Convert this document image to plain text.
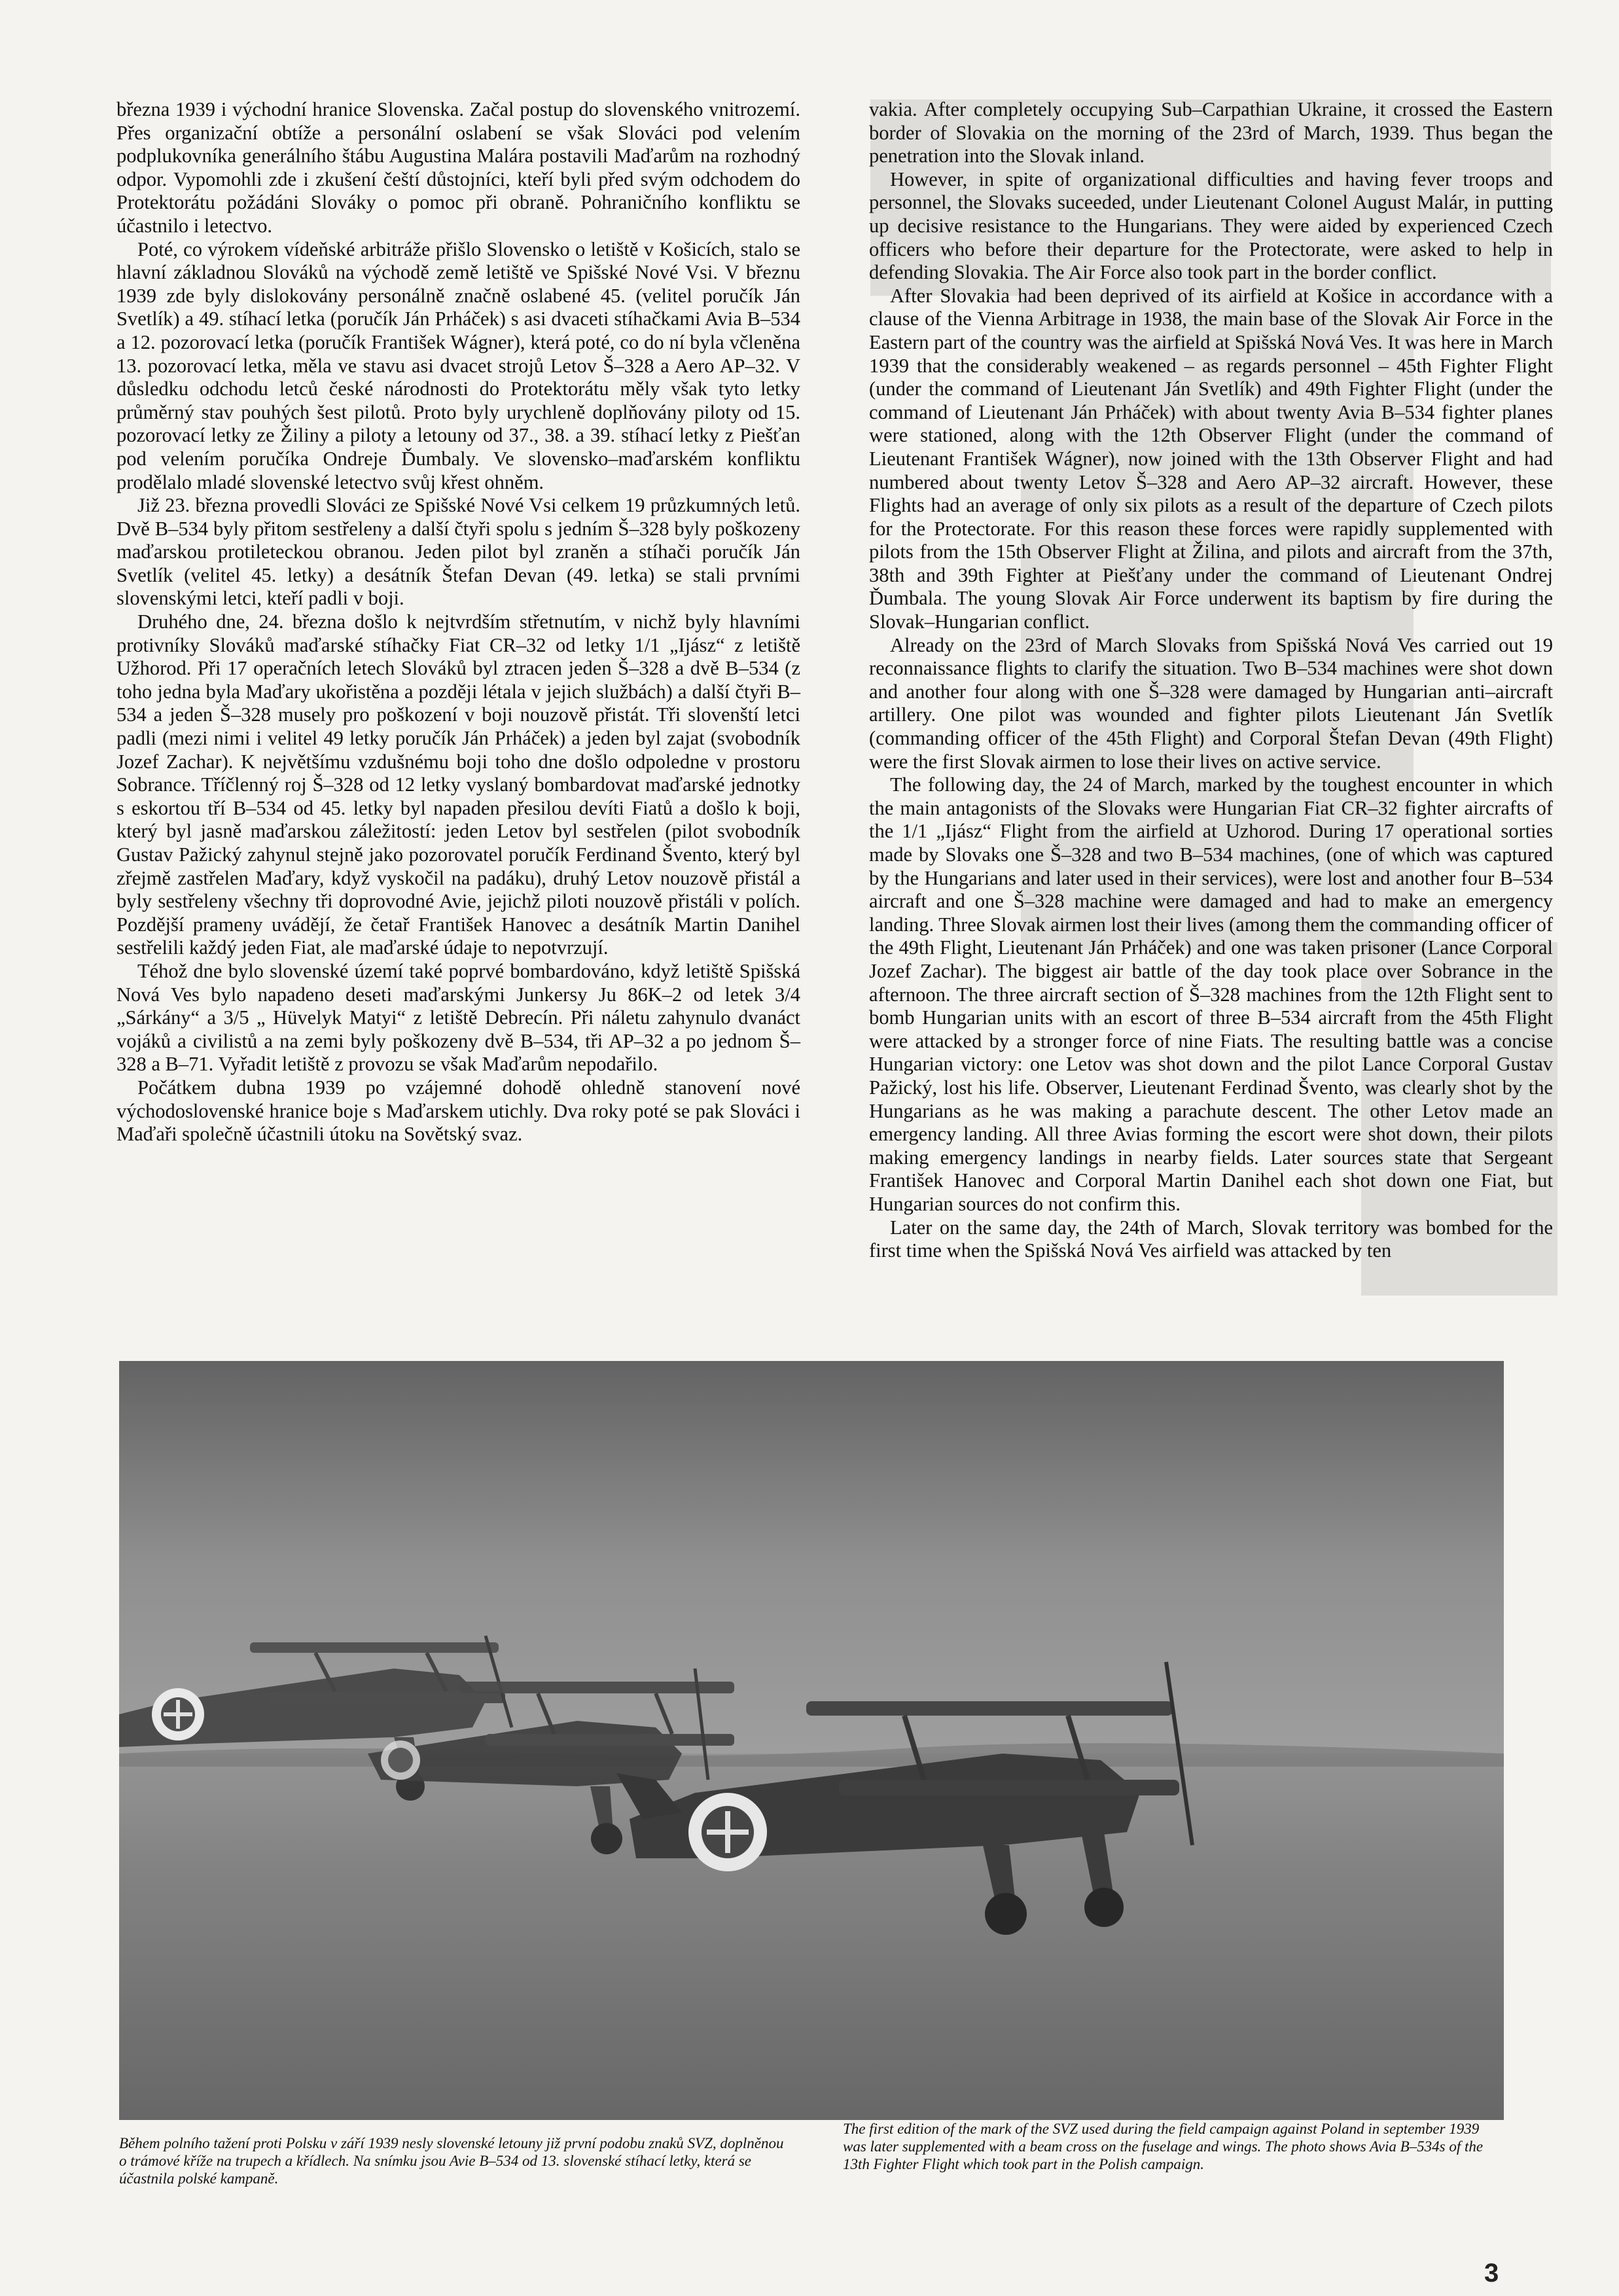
března 1939 i východní hranice Slovenska. Začal postup do slovenského vnitrozemí. Přes organizační obtíže a personální oslabení se však Slováci pod velením podplukovníka generálního štábu Augustina Malára postavili Maďarům na rozhodný odpor. Vypomohli zde i zkušení čeští důstojníci, kteří byli před svým odchodem do Protektorátu požádáni Slováky o pomoc při obraně. Pohraničního konfliktu se účastnilo i letectvo.

Poté, co výrokem vídeňské arbitráže přišlo Slovensko o letiště v Košicích, stalo se hlavní základnou Slováků na východě země letiště ve Spišské Nové Vsi. V březnu 1939 zde byly dislokovány personálně značně oslabené 45. (velitel poručík Ján Svetlík) a 49. stíhací letka (poručík Ján Prháček) s asi dvaceti stíhačkami Avia B–534 a 12. pozorovací letka (poručík František Wágner), která poté, co do ní byla včleněna 13. pozorovací letka, měla ve stavu asi dvacet strojů Letov Š–328 a Aero AP–32. V důsledku odchodu letců české národnosti do Protektorátu měly však tyto letky průměrný stav pouhých šest pilotů. Proto byly urychleně doplňovány piloty od 15. pozorovací letky ze Žiliny a piloty a letouny od 37., 38. a 39. stíhací letky z Piešťan pod velením poručíka Ondreje Ďumbaly. Ve slovensko–maďarském konfliktu prodělalo mladé slovenské letectvo svůj křest ohněm.

Již 23. března provedli Slováci ze Spišské Nové Vsi celkem 19 průzkumných letů. Dvě B–534 byly přitom sestřeleny a další čtyři spolu s jedním Š–328 byly poškozeny maďarskou protileteckou obranou. Jeden pilot byl zraněn a stíhači poručík Ján Svetlík (velitel 45. letky) a desátník Štefan Devan (49. letka) se stali prvními slovenskými letci, kteří padli v boji.

Druhého dne, 24. března došlo k nejtvrdším střetnutím, v nichž byly hlavními protivníky Slováků maďarské stíhačky Fiat CR–32 od letky 1/1 „Ijász“ z letiště Užhorod. Při 17 operačních letech Slováků byl ztracen jeden Š–328 a dvě B–534 (z toho jedna byla Maďary ukořistěna a později létala v jejich službách) a další čtyři B–534 a jeden Š–328 musely pro poškození v boji nouzově přistát. Tři slovenští letci padli (mezi nimi i velitel 49 letky poručík Ján Prháček) a jeden byl zajat (svobodník Jozef Zachar). K největšímu vzdušnému boji toho dne došlo odpoledne v prostoru Sobrance. Tříčlenný roj Š–328 od 12 letky vyslaný bombardovat maďarské jednotky s eskortou tří B–534 od 45. letky byl napaden přesilou devíti Fiatů a došlo k boji, který byl jasně maďarskou záležitostí: jeden Letov byl sestřelen (pilot svobodník Gustav Pažický zahynul stejně jako pozorovatel poručík Ferdinand Švento, který byl zřejmě zastřelen Maďary, když vyskočil na padáku), druhý Letov nouzově přistál a byly sestřeleny všechny tři doprovodné Avie, jejichž piloti nouzově přistáli v polích. Pozdější prameny uvádějí, že četař František Hanovec a desátník Martin Danihel sestřelili každý jeden Fiat, ale maďarské údaje to nepotvrzují.

Téhož dne bylo slovenské území také poprvé bombardováno, když letiště Spišská Nová Ves bylo napadeno deseti maďarskými Junkersy Ju 86K–2 od letek 3/4 „Sárkány“ a 3/5 „ Hüvelyk Matyi“ z letiště Debrecín. Při náletu zahynulo dvanáct vojáků a civilistů a na zemi byly poškozeny dvě B–534, tři AP–32 a po jednom Š–328 a B–71. Vyřadit letiště z provozu se však Maďarům nepodařilo.

Počátkem dubna 1939 po vzájemné dohodě ohledně stanovení nové východoslovenské hranice boje s Maďarskem utichly. Dva roky poté se pak Slováci i Maďaři společně účastnili útoku na Sovětský svaz.

vakia. After completely occupying Sub–Carpathian Ukraine, it crossed the Eastern border of Slovakia on the morning of the 23rd of March, 1939. Thus began the penetration into the Slovak inland.

However, in spite of organizational difficulties and having fever troops and personnel, the Slovaks suceeded, under Lieutenant Colonel August Malár, in putting up decisive resistance to the Hungarians. They were aided by experienced Czech officers who before their departure for the Protectorate, were asked to help in defending Slovakia. The Air Force also took part in the border conflict.

After Slovakia had been deprived of its airfield at Košice in accordance with a clause of the Vienna Arbitrage in 1938, the main base of the Slovak Air Force in the Eastern part of the country was the airfield at Spišská Nová Ves. It was here in March 1939 that the considerably weakened – as regards personnel – 45th Fighter Flight (under the command of Lieutenant Ján Svetlík) and 49th Fighter Flight (under the command of Lieutenant Ján Prháček) with about twenty Avia B–534 fighter planes were stationed, along with the 12th Observer Flight (under the command of Lieutenant František Wágner), now joined with the 13th Observer Flight and had numbered about twenty Letov Š–328 and Aero AP–32 aircraft. However, these Flights had an average of only six pilots as a result of the departure of Czech pilots for the Protectorate. For this reason these forces were rapidly supplemented with pilots from the 15th Observer Flight at Žilina, and pilots and aircraft from the 37th, 38th and 39th Fighter at Piešťany under the command of Lieutenant Ondrej Ďumbala. The young Slovak Air Force underwent its baptism by fire during the Slovak–Hungarian conflict.

Already on the 23rd of March Slovaks from Spišská Nová Ves carried out 19 reconnaissance flights to clarify the situation. Two B–534 machines were shot down and another four along with one Š–328 were damaged by Hungarian anti–aircraft artillery. One pilot was wounded and fighter pilots Lieutenant Ján Svetlík (commanding officer of the 45th Flight) and Corporal Štefan Devan (49th Flight) were the first Slovak airmen to lose their lives on active service.

The following day, the 24 of March, marked by the toughest encounter in which the main antagonists of the Slovaks were Hungarian Fiat CR–32 fighter aircrafts of the 1/1 „Ijász“ Flight from the airfield at Uzhorod. During 17 operational sorties made by Slovaks one Š–328 and two B–534 machines, (one of which was captured by the Hungarians and later used in their services), were lost and another four B–534 aircraft and one Š–328 machine were damaged and had to make an emergency landing. Three Slovak airmen lost their lives (among them the commanding officer of the 49th Flight, Lieutenant Ján Prháček) and one was taken prisoner (Lance Corporal Jozef Zachar). The biggest air battle of the day took place over Sobrance in the afternoon. The three aircraft section of Š–328 machines from the 12th Flight sent to bomb Hungarian units with an escort of three B–534 aircraft from the 45th Flight were attacked by a stronger force of nine Fiats. The resulting battle was a concise Hungarian victory: one Letov was shot down and the pilot Lance Corporal Gustav Pažický, lost his life. Observer, Lieutenant Ferdinad Švento, was clearly shot by the Hungarians as he was making a parachute descent. The other Letov made an emergency landing. All three Avias forming the escort were shot down, their pilots making emergency landings in nearby fields. Later sources state that Sergeant František Hanovec and Corporal Martin Danihel each shot down one Fiat, but Hungarian sources do not confirm this.

Later on the same day, the 24th of March, Slovak territory was bombed for the first time when the Spišská Nová Ves airfield was attacked by ten

Během polního tažení proti Polsku v září 1939 nesly slovenské letouny již první podobu znaků SVZ, doplněnou o trámové kříže na trupech a křídlech. Na snímku jsou Avie B–534 od 13. slovenské stíhací letky, která se účastnila polské kampaně.
The first edition of the mark of the SVZ used during the field campaign against Poland in september 1939 was later supplemented with a beam cross on the fuselage and wings. The photo shows Avia B–534s of the 13th Fighter Flight which took part in the Polish campaign.
3
